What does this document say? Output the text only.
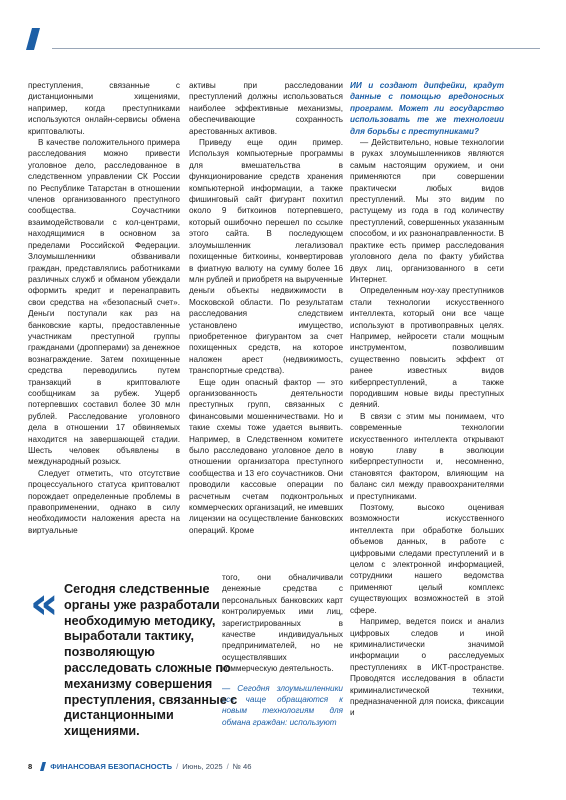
преступления, связанные с дистанционными хищениями, например, когда преступниками используются онлайн-сервисы обмена криптовалюты.

В качестве положительного примера расследования можно привести уголовное дело, расследованное в следственном управлении СК России по Республике Татарстан в отношении членов организованного преступного сообщества. Соучастники взаимодействовали с кол-центрами, находящимися в основном за пределами Российской Федерации. Злоумышленники обзванивали граждан, представлялись работниками различных служб и обманом убеждали оформить кредит и перенаправить свои средства на «безопасный счет». Деньги поступали как раз на банковские карты, предоставленные участникам преступной группы гражданами (дропперами) за денежное вознаграждение. Затем похищенные средства переводились путем транзакций в криптовалюте сообщникам за рубеж. Ущерб потерпевших составил более 30 млн рублей. Расследование уголовного дела в отношении 17 обвиняемых находится на завершающей стадии. Шесть человек объявлены в международный розыск.

Следует отметить, что отсутствие процессуального статуса криптовалют порождает определенные проблемы в правоприменении, однако в силу необходимости наложения ареста на виртуальные

активы при расследовании преступлений должны использоваться наиболее эффективные механизмы, обеспечивающие сохранность арестованных активов.

Приведу еще один пример. Используя компьютерные программы для вмешательства в функционирование средств хранения компьютерной информации, а также фишинговый сайт фигурант похитил около 9 биткоинов потерпевшего, который ошибочно перешел по ссылке этого сайта. В последующем злоумышленник легализовал похищенные биткоины, конвертировав в фиатную валюту на сумму более 16 млн рублей и приобретя на вырученные деньги объекты недвижимости в Московской области. По результатам расследования следствием установлено имущество, приобретенное фигурантом за счет похищенных средств, на которое наложен арест (недвижимость, транспортные средства).

Еще один опасный фактор — это организованность деятельности преступных групп, связанных с финансовыми мошенничествами. Но и такие схемы тоже удается выявить. Например, в Следственном комитете было расследовано уголовное дело в отношении организатора преступного сообщества и 13 его соучастников. Они проводили кассовые операции по расчетным счетам подконтрольных коммерческих организаций, не имевших лицензии на осуществление банковских операций. Кроме

того, они обналичивали денежные средства с персональных банковских карт контролируемых ими лиц, зарегистрированных в качестве индивидуальных предпринимателей, но не осуществлявших коммерческую деятельность.

— Сегодня злоумышленники все чаще обращаются к новым технологиям для обмана граждан: используют

ИИ и создают дипфейки, крадут данные с помощью вредоносных программ. Может ли государство использовать те же технологии для борьбы с преступниками?

— Действительно, новые технологии в руках злоумышленников являются самым настоящим оружием, и они применяются при совершении практически любых видов преступлений. Мы это видим по растущему из года в год количеству преступлений, совершенных указанным способом, и их разнонаправленности. В практике есть пример расследования уголовного дела по факту убийства двух лиц, организованного в сети Интернет.

Определенным ноу-хау преступников стали технологии искусственного интеллекта, который они все чаще используют в противоправных целях. Например, нейросети стали мощным инструментом, позволившим существенно повысить эффект от ранее известных видов киберпреступлений, а также породившим новые виды преступных деяний.

В связи с этим мы понимаем, что современные технологии искусственного интеллекта открывают новую главу в эволюции киберпреступности и, несомненно, становятся фактором, влияющим на баланс сил между правоохранителями и преступниками.

Поэтому, высоко оценивая возможности искусственного интеллекта при обработке больших объемов данных, в работе с цифровыми следами преступлений и в целом с электронной информацией, сотрудники нашего ведомства применяют целый комплекс существующих возможностей в этой сфере.

Например, ведется поиск и анализ цифровых следов и иной криминалистически значимой информации о расследуемых преступлениях в ИКТ-пространстве. Проводятся исследования в области криминалистической техники, предназначенной для поиска, фиксации и

« Сегодня следственные органы уже разработали необходимую методику, выработали тактику, позволяющую расследовать сложные по механизму совершения преступления, связанные с дистанционными хищениями.
8 ФИНАНСОВАЯ БЕЗОПАСНОСТЬ / Июнь, 2025 / № 46
